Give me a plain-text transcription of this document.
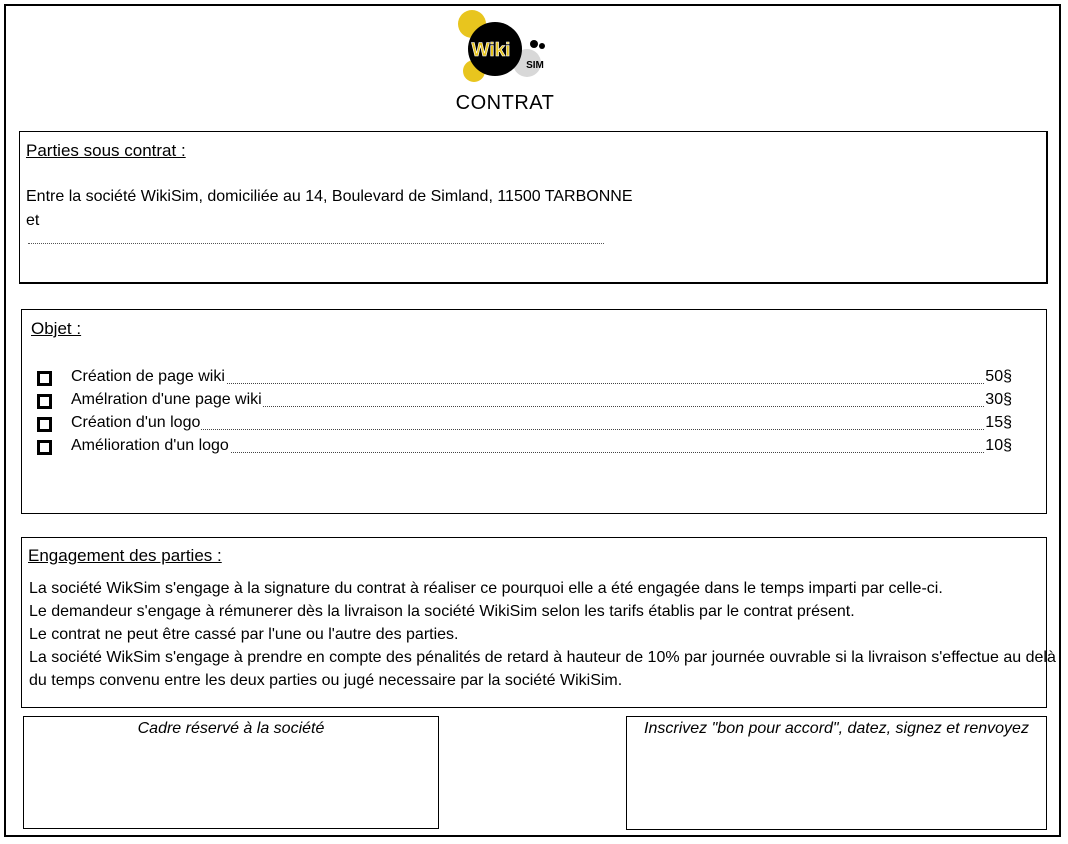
Wiki
SIM
CONTRAT
Parties sous contrat :
Entre la société WikiSim, domiciliée au 14, Boulevard de Simland, 11500 TARBONNE
et
Objet :
Création de page wiki	50§
Amélration d'une page wiki	30§
Création d'un logo	15§
Amélioration d'un logo	10§
Engagement des parties :
La société WikSim s'engage à la signature du contrat à réaliser ce pourquoi elle a été engagée dans le temps imparti par celle-ci.
Le demandeur s'engage à rémunerer dès la livraison la société WikiSim selon les tarifs établis par le contrat présent.
Le contrat ne peut être cassé par l'une ou l'autre des parties.
La société WikSim s'engage à prendre en compte des pénalités de retard à hauteur de 10% par journée ouvrable si la livraison s'effectue au delà
du temps convenu entre les deux parties ou jugé necessaire par la société WikiSim.
Cadre réservé à la société	Inscrivez "bon pour accord", datez, signez et renvoyez
